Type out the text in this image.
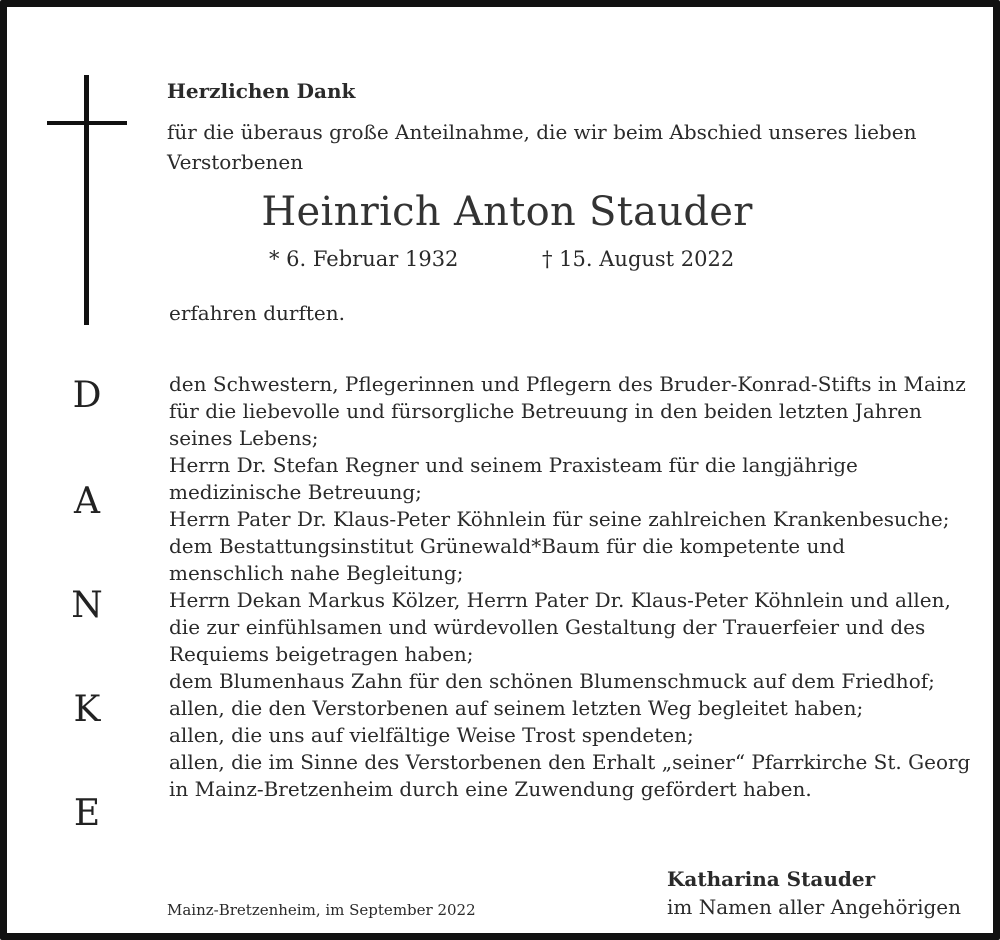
Herzlichen Dank
für die überaus große Anteilnahme, die wir beim Abschied unseres lieben
Verstorbenen
Heinrich Anton Stauder
* 6. Februar 1932	† 15. August 2022
erfahren durften.
D
A
N
K
E
den Schwestern, Pflegerinnen und Pflegern des Bruder-Konrad-Stifts in Mainz
für die liebevolle und fürsorgliche Betreuung in den beiden letzten Jahren
seines Lebens;
Herrn Dr. Stefan Regner und seinem Praxisteam für die langjährige
medizinische Betreuung;
Herrn Pater Dr. Klaus-Peter Köhnlein für seine zahlreichen Krankenbesuche;
dem Bestattungsinstitut Grünewald*Baum für die kompetente und
menschlich nahe Begleitung;
Herrn Dekan Markus Kölzer, Herrn Pater Dr. Klaus-Peter Köhnlein und allen,
die zur einfühlsamen und würdevollen Gestaltung der Trauerfeier und des
Requiems beigetragen haben;
dem Blumenhaus Zahn für den schönen Blumenschmuck auf dem Friedhof;
allen, die den Verstorbenen auf seinem letzten Weg begleitet haben;
allen, die uns auf vielfältige Weise Trost spendeten;
allen, die im Sinne des Verstorbenen den Erhalt „seiner“ Pfarrkirche St. Georg
in Mainz-Bretzenheim durch eine Zuwendung gefördert haben.
Mainz-Bretzenheim, im September 2022
Katharina Stauder
im Namen aller Angehörigen
